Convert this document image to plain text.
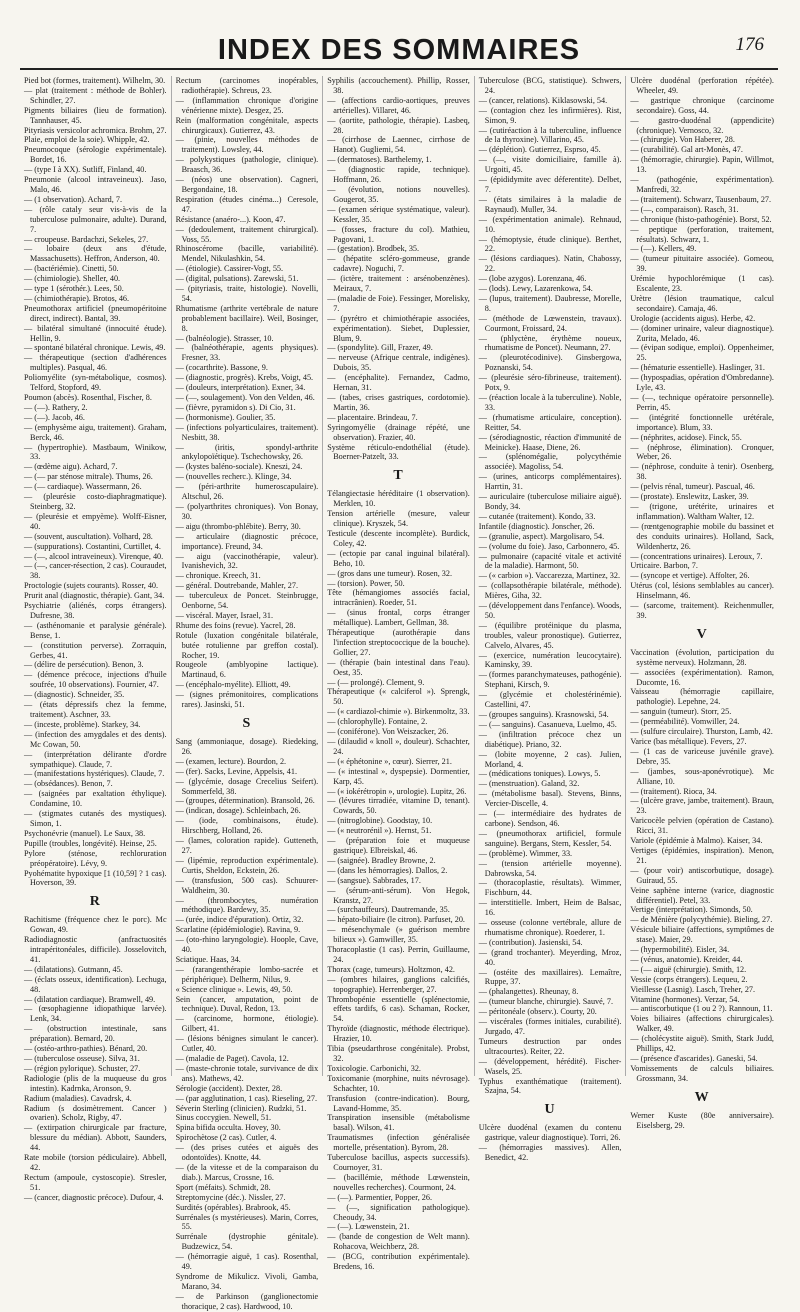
INDEX DES SOMMAIRES	176

Pied bot (formes, traitement). Wilhelm, 30.

— plat (traitement : méthode de Bohler). Schindler, 27.

Pigments biliaires (lieu de formation). Tannhauser, 45.

Pityriasis versicolor achromica. Brohm, 27.

Plaie, emploi de la soie). Whipple, 42.

Pneumocoque (sérologie expérimentale). Bordet, 16.

— (type I à XX). Sutliff, Finland, 40.

Pneumonie (alcool intraveineux). Jaso, Malo, 46.

— (1 observation). Achard, 7.

— (rôle cataly seur vis-à-vis de la tuberculose pulmonaire, adulte). Durand, 7.

— croupeuse. Bardachzi, Sekeles, 27.

— lobaire (deux ans d'étude, Massachusetts). Heffron, Anderson, 40.

— (bactériémie). Cinetti, 50.

— (chimiologie). Sheller, 40.

— type 1 (sérothér.). Lees, 50.

— (chimiothérapie). Brotos, 46.

Pneumothorax artificiel (pneumopéritoine direct, indirect). Bantal, 39.

— bilatéral simultané (innocuité étude). Hellin, 9.

— spontané bilatéral chronique. Lewis, 49.

— thérapeutique (section d'adhérences multiples). Pasqual, 46.

Poliomyélite (syn-métabolique, cosmos). Telford, Stopford, 49.

Poumon (abcès). Rosenthal, Fischer, 8.

— (—). Rathery, 2.

— (—). Jacob, 46.

— (emphysème aigu, traitement). Graham, Berck, 46.

— (hypertrophie). Mastbaum, Winikow, 33.

— (œdème aigu). Achard, 7.

— (— par sténose mitrale). Thums, 26.

— (— cardiaque). Wassermann, 26.

— (pleurésie costo-diaphragmatique). Steinberg, 32.

— (pleurésie et empyème). Wolff-Eisner, 40.

— (souvent, auscultation). Volhard, 28.

— (suppurations). Costantini, Curtillet, 4.

— (—, alcool intraveineux). Virenque, 40.

— (—, cancer-résection, 2 cas). Couraudet, 38.

Proctologie (sujets courants). Rosser, 40.

Prurit anal (diagnostic, thérapie). Gant, 34.

Psychiatrie (aliénés, corps étrangers). Dufresne, 38.

— (asthénomanie et paralysie générale). Bense, 1.

— (constitution perverse). Zorraquin, Gerbes, 41.

— (délire de persécution). Benon, 3.

— (démence précoce, injections d'huile soufrée, 10 observations). Fournier, 47.

— (diagnostic). Schneider, 35.

— (états dépressifs chez la femme, traitement). Aschner, 33.

— (inceste, problème). Starkey, 34.

— (infection des amygdales et des dents). Mc Cowan, 50.

— (interprétation délirante d'ordre sympathique). Claude, 7.

— (manifestations hystériques). Claude, 7.

— (obsédances). Benon, 7.

— (saignées par exaltation éthylique). Condamine, 10.

— (stigmates cutanés des mystiques). Simon, 1.

Psychonévrie (manuel). Le Saux, 38.

Pupille (troubles, longévité). Heinse, 25.

Pylore (sténose, rechloruration préopératoire). Lévy, 9.

Pyohématite hypoxique [1 (10,59] ? 1 cas). Hoverson, 39.

R

Rachitisme (fréquence chez le porc). Mc Gowan, 49.

Radiodiagnostic (anfractuosités intrapéritonéales, difficile). Josselovitch, 41.

— (dilatations). Gutmann, 45.

— (éclats osseux, identification). Lechuga, 48.

— (dilatation cardiaque). Bramwell, 49.

— (œsophagienne idiopathique larvée). Lenk, 34.

— (obstruction intestinale, sans préparation). Bernard, 20.

— (ostéo-arthro-pathies). Bénard, 20.

— (tuberculose osseuse). Silva, 31.

— (région pylorique). Schuster, 27.

Radiologie (plis de la muqueuse du gros intestin). Kadrnka, Aronson, 9.

Radium (maladies). Cavadrsk, 4.

Radium (s dosimètrement. Cancer ) ovarien). Scholz, Rigby, 47.

— (extirpation chirurgicale par fracture, blessure du médian). Abbott, Saunders, 44.

Rate mobile (torsion pédiculaire). Abbell, 42.

Rectum (ampoule, cystoscopie). Stresler, 51.

— (cancer, diagnostic précoce). Dufour, 4.

Rectum (carcinomes inopérables, radiothérapie). Schreus, 23.

— (inflammation chronique d'origine vénérienne mixte). Desgez, 25.

Rein (malformation congénitale, aspects chirurgicaux). Gutierrez, 43.

— (pinie, nouvelles méthodes de traitement). Lowsley, 44.

— polykystiques (pathologie, clinique). Braasch, 36.

— (néos) une observation). Cagneri, Bergondaine, 18.

Respiration (études cinéma...) Ceresole, 47.

Résistance (anaéro-...). Koon, 47.

— (dedoulement, traitement chirurgical). Voss, 55.

Rhinoscérome (bacille, variabilité). Mendel, Nikulashkin, 54.

— (étiologie). Cassirer-Vogt, 55.

— (digital, pulsations). Zarewski, 51.

— (pityriasis, traite, histologie). Novelli, 54.

Rhumatisme (arthrite vertébrale de nature probablement bacillaire). Weil, Bosinger, 8.

— (balnéologie). Strasser, 10.

— (balnéothérapie, agents physiques). Fresner, 33.

— (cocarthrite). Bassone, 9.

— (diagnostic, progrès). Krebs, Voigt, 45.

— (douleurs, interprétation). Exner, 34.

— (—, soulagement). Von den Velden, 46.

— (fièvre, pyramidon s). Di Cio, 31.

— (hormonisme). Goulier, 35.

— (infections polyarticulaires, traitement). Nesbitt, 38.

— (iritis, spondyl-arthrite ankylopoïétique). Tschechowsky, 26.

— (kystes baléno-sociale). Kneszi, 24.

— (nouvelles recherc.). Klinge, 34.

— (péri-arthrite humeroscapulaire). Altschul, 26.

— (polyarthrites chroniques). Von Bonay, 30.

— aigu (thrombo-phlébite). Berry, 30.

— articulaire (diagnostic précoce, importance). Freund, 34.

— aigu (vaccinothérapie, valeur). Ivanishevich, 32.

— chronique. Kreech, 31.

— général. Doutrebande, Mahler, 27.

— tuberculeux de Poncet. Steinbrugge, Oenborne, 54.

— viscéral. Mayer, Israel, 31.

Rhume des foins (revue). Yacrel, 28.

Rotule (luxation congénitale bilatérale, butée rotulienne par greffon costal). Rocher, 19.

Rougeole (amblyopine lactique). Martinaud, 6.

— (encéphalo-myélite). Elliott, 49.

— (signes prémonitoires, complications rares). Jasinski, 51.

S

Sang (ammoniaque, dosage). Riedeking, 26.

— (examen, lecture). Bourdon, 2.

— (fer). Sacks, Levine, Appelsis, 41.

— (glycémie, dosage Crecelius Seifert). Sommerfeld, 38.

— (groupes, détermination). Bransold, 26.

— (indican, dosage). Schleinbach, 26.

— (iode, combinaisons, étude). Hirschberg, Holland, 26.

— (lames, coloration rapide). Gutteneth, 27.

— (lipémie, reproduction expérimentale). Curtis, Sheldon, Eckstein, 26.

— (transfusion, 500 cas). Schuurer-Waldheim, 30.

— (thrombocytes, numération méthodique). Bardewy, 35.

— (urée, indice d'épuration). Ortiz, 32.

Scarlatine (épidémiologie). Ravina, 9.

— (oto-rhino laryngologie). Hoople, Cave, 40.

Sciatique. Haas, 34.

— (rarangenthérapie lombo-sacrée et périphérique). Delherm, Nilus, 9.

« Science clinique ». Lewis, 49, 50.

Sein (cancer, amputation, point de technique). Duval, Redon, 13.

— (carcinome, hormone, étiologie). Gilbert, 41.

— (lésions bénignes simulant le cancer). Cutler, 40.

— (maladie de Paget). Cavola, 12.

— (maste-chronie totale, survivance de dix ans). Mathews, 42.

Sérologie (accident). Dexter, 28.

— (par agglutination, 1 cas). Rieseling, 27.

Séverin Sterling (clinicien). Rudzki, 51.

Sinus coccygien. Newell, 51.

Spina bifida occulta. Hovey, 30.

Spirochètose (2 cas). Cutler, 4.

— (des prises cutées et aiguës des odontoïdes). Knotte, 44.

— (de la vitesse et de la comparaison du diab.). Marcus, Crossne, 16.

Sport (méfaits). Schmidt, 28.

Streptomycine (déc.). Nissler, 27.

Surdités (opérables). Brabrook, 45.

Surrénales (s mystérieuses). Marin, Corres, 55.

Surrénale (dystrophie génitale). Budzewicz, 54.

— (hémorragie aiguë, 1 cas). Rosenthal, 49.

Syndrome de Mikulicz. Vivoli, Gamba, Marano, 34.

— de Parkinson (ganglionectomie thoracique, 2 cas). Hardwood, 10.

Syphilis (accouchement). Phillip, Rosser, 38.

— (affections cardio-aortiques, preuves artérielles). Villaret, 46.

— (aortite, pathologie, thérapie). Lasbeq, 28.

— (cirrhose de Laennec, cirrhose de Hanot). Gugliemi, 54.

— (dermatoses). Barthelemy, 1.

— (diagnostic rapide, technique). Hoffmann, 26.

— (évolution, notions nouvelles). Gougerot, 35.

— (examen sérique systématique, valeur). Kessler, 35.

— (fosses, fracture du col). Mathieu, Pagovani, 1.

— (gestation). Brodbek, 35.

— (hépatite scléro-gommeuse, grande cadavre). Noguchi, 7.

— (ictère, traitement : arsénobenzènes). Meiraux, 7.

— (maladie de Foie). Fessinger, Morelisky, 7.

— (pyrétro et chimiothérapie associées, expérimentation). Siebet, Duplessier, Blum, 9.

— (spondylite). Gill, Frazer, 49.

— nerveuse (Afrique centrale, indigènes). Dubois, 35.

— (encéphalite). Fernandez, Cadmo, Hernan, 31.

— (tabes, crises gastriques, cordotomie). Martin, 36.

— placentaire. Brindeau, 7.

Syringomyélie (drainage répété, une observation). Frazier, 40.

Système réticulo-endothélial (étude). Boerner-Patzelt, 33.

T

Télangiectasie héréditaire (1 observation). Merklen, 10.

Tension artérielle (mesure, valeur clinique). Kryszek, 54.

Testicule (descente incomplète). Burdick, Coley, 42.

— (ectopie par canal inguinal bilatéral). Beho, 10.

— (gros dans une tumeur). Rosen, 32.

— (torsion). Power, 50.

Tête (hémangiomes associés facial, intracrânien). Roeder, 51.

— (sinus frontal, corps étranger métallique). Lambert, Gellman, 38.

Thérapeutique (aurothérapie dans l'infection streptococcique de la bouche). Gollier, 27.

— (thérapie (bain intestinal dans l'eau). Oest, 35.

— (— prolongé). Clement, 9.

Thérapeutique (« calciferol »). Sprengk, 50.

— (« cardiazol-chimie »). Birkenmoltz, 33.

— (chlorophylle). Fontaine, 2.

— (coniférone). Von Weiszacker, 26.

— (dilaudid « knoll », douleur). Schachter, 24.

— (« éphétonine », cœur). Sierrer, 21.

— (« intestinal », dyspepsie). Dormentier, Karp, 45.

— (« iokérétropin », urologie). Lupitz, 26.

— (lévures tirradiée, vitamine D, tenant). Cowards, 50.

— (nitroglobine). Goodstay, 10.

— (« neutrorénil »). Hernst, 51.

— (préparation foie et muqueuse gastrique). Elbreiskal, 46.

— (saignée). Bradley Browne, 2.

— (dans les hémorragies). Dallos, 2.

— (sangsue). Sabbrades, 17.

— (sérum-anti-sérum). Von Hegok, Kranstz, 27.

— (surchauffeurs). Dautremande, 35.

— hépato-biliaire (le citron). Parfuset, 20.

— mésenchymale (» guérison membre bilieux »). Gamwiller, 35.

Thoracoplastie (1 cas). Perrin, Guillaume, 24.

Thorax (cage, tumeurs). Holtzmon, 42.

— (ombres hilaires, ganglions calcifiés, topographie). Herrenberger, 27.

Thrombopénie essentielle (splénectomie, effets tardifs, 6 cas). Schaman, Rocker, 54.

Thyroïde (diagnostic, méthode électrique). Hrazier, 10.

Tibia (pseudarthrose congénitale). Probst, 32.

Toxicologie. Carbonichi, 32.

Toxicomanie (morphine, nuits névrosage). Schachter, 10.

Transfusion (contre-indication). Bourg, Lavand-Homme, 35.

Transpiration insensible (métabolisme basal). Wilson, 41.

Traumatismes (infection généralisée mortelle, présentation). Byrom, 28.

Tuberculose bacillus, aspects successifs). Cournoyer, 31.

— (bacillémie, méthode Lœwenstein, nouvelles recherches). Courmont, 24.

— (—). Parmentier, Popper, 26.

— (—, signification pathologique). Cheoudy, 34.

— (—). Lœwenstein, 21.

— (bande de congestion de Welt mann). Rohacova, Weichberz, 28.

— (BCG, contribution expérimentale). Bredens, 16.

Tuberculose (BCG, statistique). Schwers, 24.

— (cancer, relations). Kiklasowski, 54.

— (contagion chez les infirmières). Rist, Simon, 9.

— (cutiréaction à la tuberculine, influence de la thyroxine). Villarino, 45.

— (déplétion). Gutierrez, Esprso, 45.

— (—, visite domiciliaire, famille à). Urgoiti, 45.

— (épididymite avec déferentite). Delbet, 7.

— (états similaires à la maladie de Raynaud). Muller, 34.

— (expérimentation animale). Rehnaud, 10.

— (hémoptysie, étude clinique). Berthet, 22.

— (lésions cardiaques). Natin, Chabossy, 22.

— (lobe azygos). Lorenzana, 46.

— (lods). Lewy, Lazarenkowa, 54.

— (lupus, traitement). Daubresse, Morelle, 8.

— (méthode de Lœwenstein, travaux). Courmont, Froissard, 24.

— (phlyctène, érythème noueux, rhumatisme de Poncet). Neumann, 27.

— (pleurotécodinive). Ginsbergowa, Poznanski, 54.

— (pleurésie séro-fibrineuse, traitement). Potx, 9.

— (réaction locale à la tuberculine). Noble, 33.

— (rhumatisme articulaire, conception). Reitter, 54.

— (sérodiagnostic, réaction d'immunité de Meinicke). Haase, Diene, 26.

— (splénomégalie, polycythémie associée). Magoliss, 54.

— (urines, anticorps complémentaires). Harrtin, 31.

— auriculaire (tuberculose miliaire aiguë). Bondy, 34.

— cutanée (traitement). Kondo, 33.

Infantile (diagnostic). Jonscher, 26.

— (granulie, aspect). Margolisaro, 54.

— (volume du foie). Jaso, Carbonnero, 45.

— pulmonaire (capacité vitale et activité de la maladie). Harmont, 50.

— (« carbion »). Vaccarezza, Martinez, 32.

— (collapsothérapie bilatérale, méthode). Mières, Giha, 32.

— (développement dans l'enfance). Woods, 50.

— (équilibre protéinique du plasma, troubles, valeur pronostique). Gutierrez, Calvelo, Alvares, 45.

— (exercice, numération leucocytaire). Kaminsky, 39.

— (formes paranchymateuses, pathogénie). Stephani, Kirsch, 9.

— (glycémie et cholestérinémie). Castellini, 47.

— (groupes sanguins). Krasnowski, 54.

— (— sanguins). Casanueva, Luelmo, 45.

— (infiltration précoce chez un diabétique). Priano, 32.

— (lobite moyenne, 2 cas). Julien, Morland, 4.

— (médications toniques). Lowys, 5.

— (menstruation). Galand, 32.

— (métabolisme basal). Stevens, Binns, Vercier-Discelle, 4.

— (— intermédiaire des hydrates de carbone). Sendson, 46.

— (pneumothorax artificiel, formule sanguine). Bergans, Stern, Kessler, 54.

— (problème). Wimmer, 33.

— (tension artérielle moyenne). Dabrowska, 54.

— (thoracoplastie, résultats). Wimmer, Fischburn, 44.

— interstitielle. Imbert, Heim de Balsac, 16.

— osseuse (colonne vertébrale, allure de rhumatisme chronique). Roederer, 1.

— (contribution). Jasienski, 54.

— (grand trochanter). Meyerding, Mroz, 40.

— (ostéite des maxillaires). Lemaître, Ruppe, 37.

— (phalangettes). Rheunay, 8.

— (tumeur blanche, chirurgie). Sauvé, 7.

— péritonéale (observ.). Courty, 20.

— viscérales (formes initiales, curabilité). Jurgado, 47.

Tumeurs destruction par ondes ultracourtes). Reiter, 22.

— (développement, hérédité). Fischer-Wasels, 25.

Typhus exanthématique (traitement). Szajna, 54.

U

Ulcère duodénal (examen du contenu gastrique, valeur diagnostique). Torri, 26.

— (hémorragies massives). Allen, Benedict, 42.

Ulcère duodénal (perforation répétée). Wheeler, 49.

— gastrique chronique (carcinome secondaire). Goss, 44.

— gastro-duodénal (appendicite) (chronique). Vernosco, 32.

— (chirurgie). Von Haberer, 28.

— (curabilité). Gal art-Monès, 47.

— (hémorragie, chirurgie). Papin, Willmot, 13.

— (pathogénie, expérimentation). Manfredi, 32.

— (traitement). Schwarz, Tausenbaum, 27.

— (—, comparaison). Rasch, 31.

— chronique (histo-pathogénie). Borst, 52.

— peptique (perforation, traitement, résultats). Schwarz, 1.

— (—). Kellers, 49.

— (tumeur pituitaire associée). Gomeou, 39.

Urémie hypochlorémique (1 cas). Escalente, 23.

Urètre (lésion traumatique, calcul secondaire). Camaja, 46.

Urologie (accidents aigus). Herbe, 42.

— (dominer urinaire, valeur diagnostique). Zurita, Melado, 46.

— (évipan sodique, emploi). Oppenheimer, 25.

— (hématurie essentielle). Haslinger, 31.

— (hypospadias, opération d'Ombredanne). Lyle, 43.

— (—, technique opératoire personnelle). Perrin, 45.

— (intégrité fonctionnelle urétérale, importance). Blum, 33.

— (néphrites, acidose). Finck, 55.

— (néphrose, élimination). Cronquer, Weber, 26.

— (néphrose, conduite à tenir). Osenberg, 38.

— (pelvis rénal, tumeur). Pascual, 46.

— (prostate). Enslewitz, Lasker, 39.

— (trigone, urétérite, urinaires et inflammation). Waltham Walter, 12.

— (rœntgenographie mobile du bassinet et des conduits urinaires). Holland, Sack, Wildenhertz, 26.

— (concentrations urinaires). Leroux, 7.

Urticaire. Barbon, 7.

— (syncope et vertige). Affolter, 26.

Utérus (col, lésions semblables au cancer). Hinselmann, 46.

— (sarcome, traitement). Reichenmuller, 39.

V

Vaccination (évolution, participation du système nerveux). Holzmann, 28.

— associées (expérimentation). Ramon, Ducomte, 16.

Vaisseau (hémorragie capillaire, pathologie). Lepehne, 24.

— sanguin (tumeur). Storr, 25.

— (perméabilité). Vomwiller, 24.

— (sulfure circulaire). Thurston, Lamb, 42.

Varice (bas métallique). Fevers, 27.

— (1 cas de variceuse juvénile grave). Debre, 35.

— (jambes, sous-aponévrotique). Mc Alliane, 10.

— (traitement). Rioca, 34.

— (ulcère grave, jambe, traitement). Braun, 23.

Varicocèle pelvien (opération de Castano). Ricci, 31.

Variole (épidémie à Malmo). Kaiser, 34.

Vertiges (épidémies, inspiration). Menon, 21.

— (pour voir) antiscorbutique, dosage). Guiraud, 55.

Veine saphène interne (varice, diagnostic différentiel). Petel, 33.

Vertige (interprétation). Simonds, 50.

— de Ménière (polycythémie). Bieling, 27.

Vésicule biliaire (affections, symptômes de stase). Maier, 29.

— (hypermobilité). Eisler, 34.

— (vénus, anatomie). Kreider, 44.

— (— aiguë (chirurgie). Smith, 12.

Vessie (corps étrangers). Lequeu, 2.

Vieillesse (Lasnig). Lasch, Treher, 27.

Vitamine (hormones). Verzar, 54.

— antiscorbutique (1 ou 2 ?). Rannoun, 11.

Voies biliaires (affections chirurgicales). Walker, 49.

— (cholécystite aiguë). Smith, Stark Judd, Phillips, 42.

— (présence d'ascarides). Ganeski, 54.

Vomissements de calculs biliaires. Grossmann, 34.

W

Werner Kuste (80e anniversaire). Eiselsberg, 29.
